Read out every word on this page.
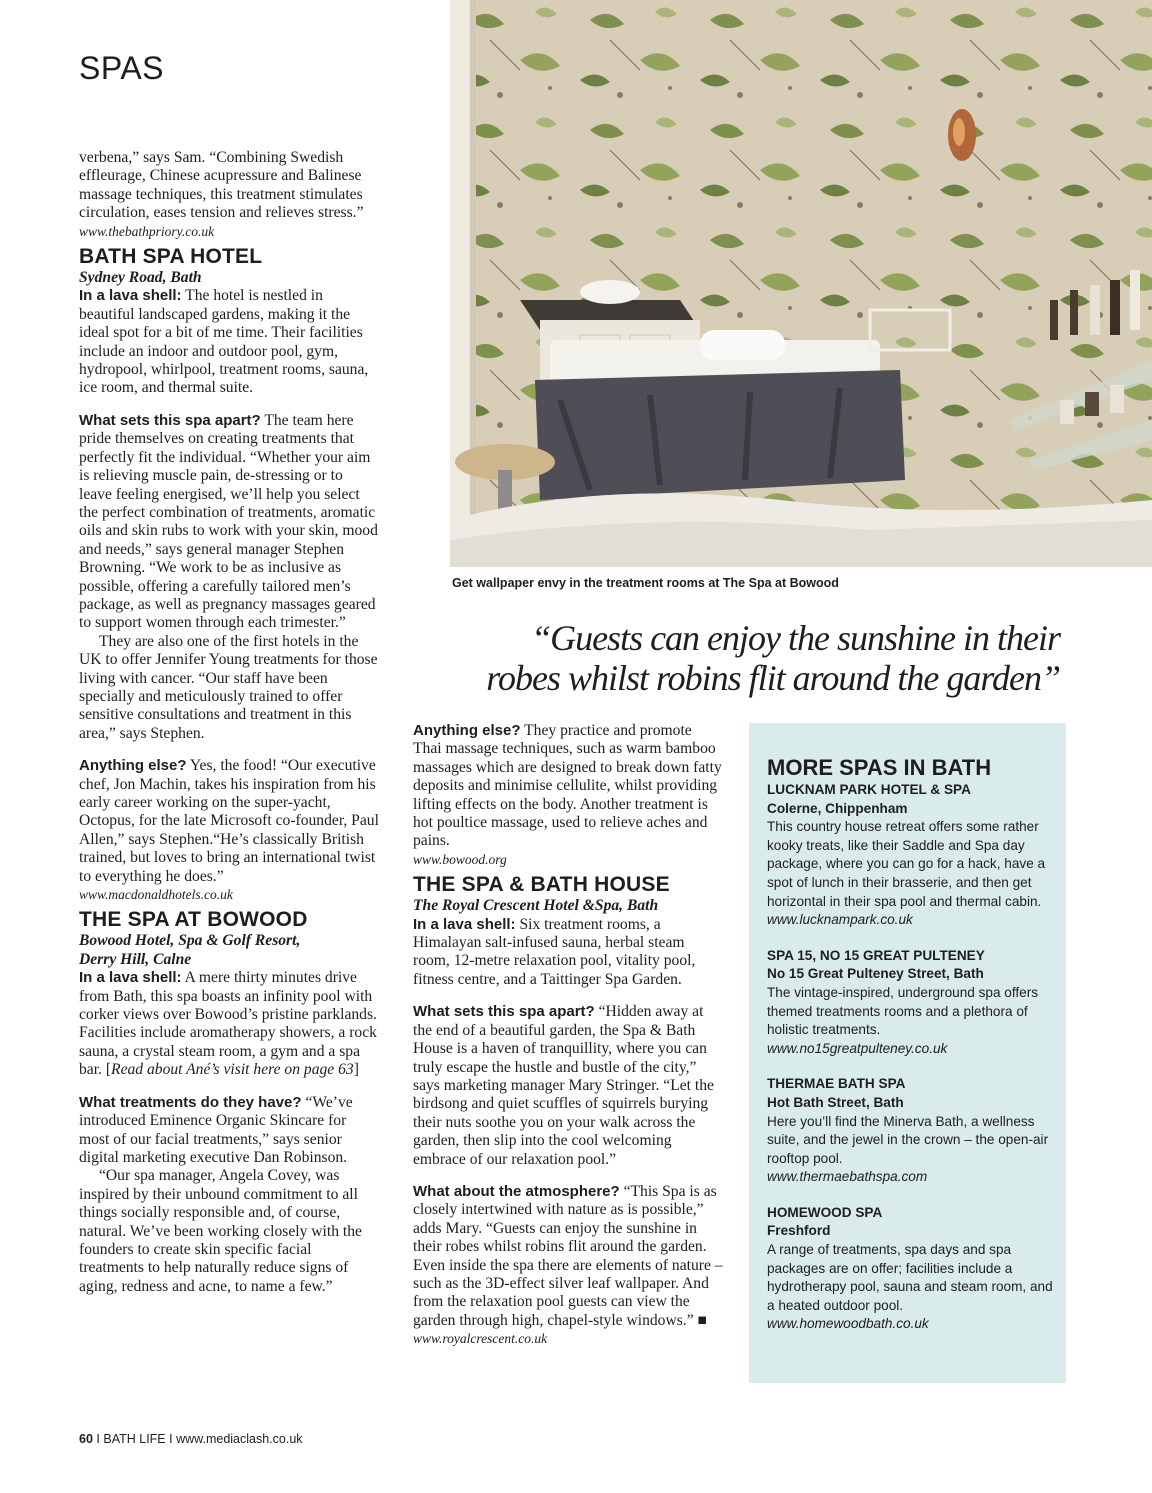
SPAS
Get wallpaper envy in the treatment rooms at The Spa at Bowood
“Guests can enjoy the sunshine in their
robes whilst robins flit around the garden”

verbena,” says Sam. “Combining Swedish effleurage, Chinese acupressure and Balinese massage techniques, this treatment stimulates circulation, eases tension and relieves stress.”

www.thebathpriory.co.uk

BATH SPA HOTEL

Sydney Road, Bath

In a lava shell: The hotel is nestled in beautiful landscaped gardens, making it the ideal spot for a bit of me time. Their facilities include an indoor and outdoor pool, gym, hydropool, whirlpool, treatment rooms, sauna, ice room, and thermal suite.

What sets this spa apart? The team here pride themselves on creating treatments that perfectly fit the individual. “Whether your aim is relieving muscle pain, de-stressing or to leave feeling energised, we’ll help you select the perfect combination of treatments, aromatic oils and skin rubs to work with your skin, mood and needs,” says general manager Stephen Browning. “We work to be as inclusive as possible, offering a carefully tailored men’s package, as well as pregnancy massages geared to support women through each trimester.”

They are also one of the first hotels in the UK to offer Jennifer Young treatments for those living with cancer. “Our staff have been specially and meticulously trained to offer sensitive consultations and treatment in this area,” says Stephen.

Anything else? Yes, the food! “Our executive chef, Jon Machin, takes his inspiration from his early career working on the super-yacht, Octopus, for the late Microsoft co-founder, Paul Allen,” says Stephen.“He’s classically British trained, but loves to bring an international twist to everything he does.”

www.macdonaldhotels.co.uk

THE SPA AT BOWOOD

Bowood Hotel, Spa & Golf Resort,

Derry Hill, Calne

In a lava shell: A mere thirty minutes drive from Bath, this spa boasts an infinity pool with corker views over Bowood’s pristine parklands. Facilities include aromatherapy showers, a rock sauna, a crystal steam room, a gym and a spa bar. [Read about Ané’s visit here on page 63]

What treatments do they have? “We’ve introduced Eminence Organic Skincare for most of our facial treatments,” says senior digital marketing executive Dan Robinson.

“Our spa manager, Angela Covey, was inspired by their unbound commitment to all things socially responsible and, of course, natural. We’ve been working closely with the founders to create skin specific facial treatments to help naturally reduce signs of aging, redness and acne, to name a few.”

Anything else? They practice and promote Thai massage techniques, such as warm bamboo massages which are designed to break down fatty deposits and minimise cellulite, whilst providing lifting effects on the body. Another treatment is hot poultice massage, used to relieve aches and pains.

www.bowood.org

THE SPA & BATH HOUSE

The Royal Crescent Hotel &Spa, Bath

In a lava shell: Six treatment rooms, a Himalayan salt-infused sauna, herbal steam room, 12-metre relaxation pool, vitality pool, fitness centre, and a Taittinger Spa Garden.

What sets this spa apart? “Hidden away at the end of a beautiful garden, the Spa & Bath House is a haven of tranquillity, where you can truly escape the hustle and bustle of the city,” says marketing manager Mary Stringer. “Let the birdsong and quiet scuffles of squirrels burying their nuts soothe you on your walk across the garden, then slip into the cool welcoming embrace of our relaxation pool.”

What about the atmosphere? “This Spa is as closely intertwined with nature as is possible,” adds Mary. “Guests can enjoy the sunshine in their robes whilst robins flit around the garden. Even inside the spa there are elements of nature – such as the 3D-effect silver leaf wallpaper. And from the relaxation pool guests can view the garden through high, chapel-style windows.” ■

www.royalcrescent.co.uk

MORE SPAS IN BATH

LUCKNAM PARK HOTEL & SPA

Colerne, Chippenham

This country house retreat offers some rather kooky treats, like their Saddle and Spa day package, where you can go for a hack, have a spot of lunch in their brasserie, and then get horizontal in their spa pool and thermal cabin.

www.lucknampark.co.uk

SPA 15, NO 15 GREAT PULTENEY

No 15 Great Pulteney Street, Bath

The vintage-inspired, underground spa offers themed treatments rooms and a plethora of holistic treatments.

www.no15greatpulteney.co.uk

THERMAE BATH SPA

Hot Bath Street, Bath

Here you’ll find the Minerva Bath, a wellness suite, and the jewel in the crown – the open-air rooftop pool.

www.thermaebathspa.com

HOMEWOOD SPA

Freshford

A range of treatments, spa days and spa packages are on offer; facilities include a hydrotherapy pool, sauna and steam room, and a heated outdoor pool.

www.homewoodbath.co.uk

60 I BATH LIFE I www.mediaclash.co.uk
